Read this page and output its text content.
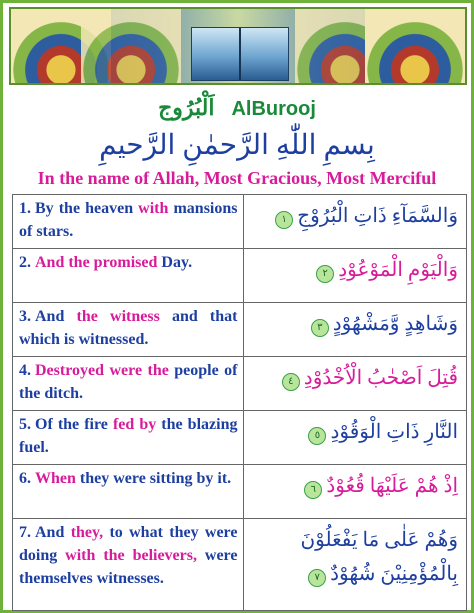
اَلْبُرُوج AlBurooj
بِسمِ اللّٰهِ الرَّحمٰنِ الرَّحيمِ
In the name of Allah, Most Gracious, Most Merciful
1. By the heaven with mansions of stars.	وَالسَّمَآءِ ذَاتِ الْبُرُوْجِ١
2. And the promised Day.	وَالْيَوْمِ الْمَوْعُوْدِ٢
3. And the witness and that which is witnessed.	وَشَاهِدٍ وَّمَشْهُوْدٍ٣
4. Destroyed were the people of the ditch.	قُتِلَ اَصْحٰبُ الْاُخْدُوْدِ٤
5. Of the fire fed by the blazing fuel.	النَّارِ ذَاتِ الْوَقُوْدِ٥
6. When they were sitting by it.	اِذْ هُمْ عَلَيْهَا قُعُوْدٌ٦
7. And they, to what they were doing with the believers, were themselves witnesses.	وَهُمْ عَلٰى مَا يَفْعَلُوْنَ بِالْمُؤْمِنِيْنَ شُهُوْدٌ٧
